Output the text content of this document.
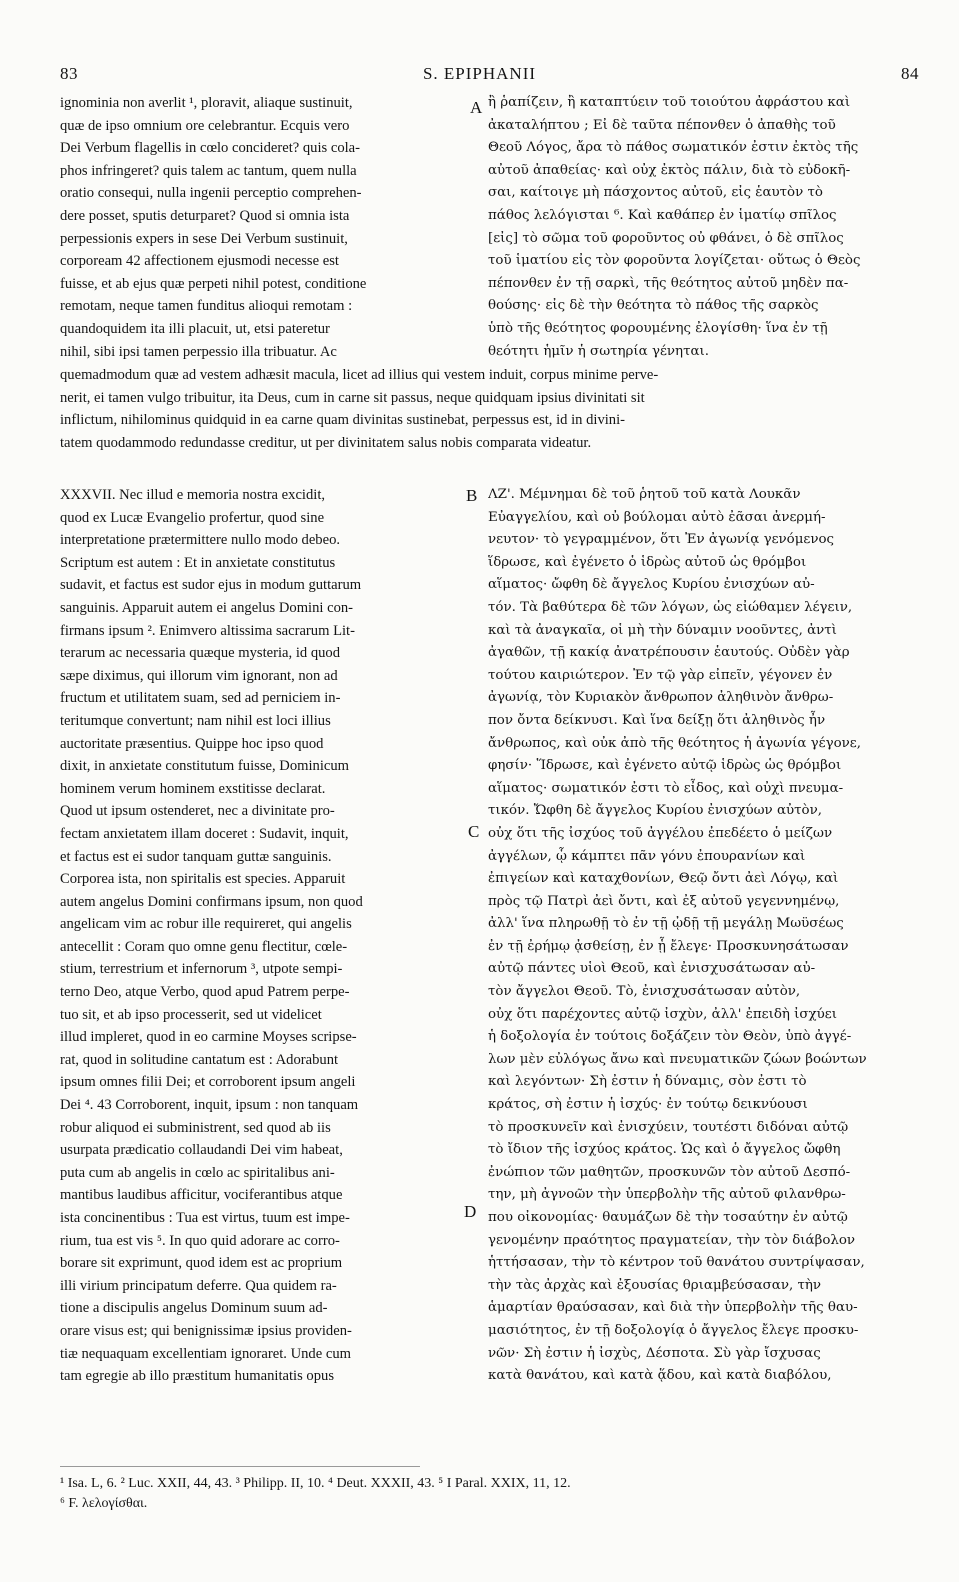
83	S. EPIPHANII	84
A
B
C
D
ignominia non averlit ¹, ploravit, aliaque sustinuit,
quæ de ipso omnium ore celebrantur. Ecquis vero
Dei Verbum flagellis in cœlo concideret? quis cola-
phos infringeret? quis talem ac tantum, quem nulla
oratio consequi, nulla ingenii perceptio comprehen-
dere posset, sputis deturparet? Quod si omnia ista
perpessionis expers in sese Dei Verbum sustinuit,
corpoream 42 affectionem ejusmodi necesse est
fuisse, et ab ejus quæ perpeti nihil potest, conditione
remotam, neque tamen funditus alioqui remotam :
quandoquidem ita illi placuit, ut, etsi pateretur
nihil, sibi ipsi tamen perpessio illa tribuatur. Ac
ἢ ῥαπίζειν, ἢ καταπτύειν τοῦ τοιούτου ἀφράστου καὶ
ἀκαταλήπτου ; Εἰ δὲ ταῦτα πέπονθεν ὁ ἀπαθὴς τοῦ
Θεοῦ Λόγος, ἄρα τὸ πάθος σωματικόν ἐστιν ἐκτὸς τῆς
αὐτοῦ ἀπαθείας· καὶ οὐχ ἐκτὸς πάλιν, διὰ τὸ εὐδοκῆ-
σαι, καίτοιγε μὴ πάσχοντος αὐτοῦ, εἰς ἑαυτὸν τὸ
πάθος λελόγισται ⁶. Καὶ καθάπερ ἐν ἱματίῳ σπῖλος
[εἰς] τὸ σῶμα τοῦ φοροῦντος οὐ φθάνει, ὁ δὲ σπῖλος
τοῦ ἱματίου εἰς τὸν φοροῦντα λογίζεται· οὕτως ὁ Θεὸς
πέπονθεν ἐν τῇ σαρκὶ, τῆς θεότητος αὐτοῦ μηδὲν πα-
θούσης· εἰς δὲ τὴν θεότητα τὸ πάθος τῆς σαρκὸς
ὑπὸ τῆς θεότητος φορουμένης ἐλογίσθη· ἵνα ἐν τῇ
θεότητι ἡμῖν ἡ σωτηρία γένηται.
quemadmodum quæ ad vestem adhæsit macula, licet ad illius qui vestem induit, corpus minime perve-
nerit, ei tamen vulgo tribuitur, ita Deus, cum in carne sit passus, neque quidquam ipsius divinitati sit
inflictum, nihilominus quidquid in ea carne quam divinitas sustinebat, perpessus est, id in divini-
tatem quodammodo redundasse creditur, ut per divinitatem salus nobis comparata videatur.
XXXVII. Nec illud e memoria nostra excidit,
quod ex Lucæ Evangelio profertur, quod sine
interpretatione prætermittere nullo modo debeo.
Scriptum est autem : Et in anxietate constitutus
sudavit, et factus est sudor ejus in modum guttarum
sanguinis. Apparuit autem ei angelus Domini con-
firmans ipsum ². Enimvero altissima sacrarum Lit-
terarum ac necessaria quæque mysteria, id quod
sæpe diximus, qui illorum vim ignorant, non ad
fructum et utilitatem suam, sed ad perniciem in-
teritumque convertunt; nam nihil est loci illius
auctoritate præsentius. Quippe hoc ipso quod
dixit, in anxietate constitutum fuisse, Dominicum
hominem verum hominem exstitisse declarat.
Quod ut ipsum ostenderet, nec a divinitate pro-
fectam anxietatem illam doceret : Sudavit, inquit,
et factus est ei sudor tanquam guttæ sanguinis.
Corporea ista, non spiritalis est species. Apparuit
autem angelus Domini confirmans ipsum, non quod
angelicam vim ac robur ille requireret, qui angelis
antecellit : Coram quo omne genu flectitur, cœle-
stium, terrestrium et infernorum ³, utpote sempi-
terno Deo, atque Verbo, quod apud Patrem perpe-
tuo sit, et ab ipso processerit, sed ut videlicet
illud impleret, quod in eo carmine Moyses scripse-
rat, quod in solitudine cantatum est : Adorabunt
ipsum omnes filii Dei; et corroborent ipsum angeli
Dei ⁴. 43 Corroborent, inquit, ipsum : non tanquam
robur aliquod ei subministrent, sed quod ab iis
usurpata prædicatio collaudandi Dei vim habeat,
puta cum ab angelis in cœlo ac spiritalibus ani-
mantibus laudibus afficitur, vociferantibus atque
ista concinentibus : Tua est virtus, tuum est impe-
rium, tua est vis ⁵. In quo quid adorare ac corro-
borare sit exprimunt, quod idem est ac proprium
illi virium principatum deferre. Qua quidem ra-
tione a discipulis angelus Dominum suum ad-
orare visus est; qui benignissimæ ipsius providen-
tiæ nequaquam excellentiam ignoraret. Unde cum
tam egregie ab illo præstitum humanitatis opus
ΛΖ'. Μέμνημαι δὲ τοῦ ῥητοῦ τοῦ κατὰ Λουκᾶν
Εὐαγγελίου, καὶ οὐ βούλομαι αὐτὸ ἐᾶσαι ἀνερμή-
νευτον· τὸ γεγραμμένον, ὅτι Ἐν ἀγωνίᾳ γενόμενος
ἵδρωσε, καὶ ἐγένετο ὁ ἱδρὼς αὐτοῦ ὡς θρόμβοι
αἵματος· ὤφθη δὲ ἄγγελος Κυρίου ἐνισχύων αὐ-
τόν. Τὰ βαθύτερα δὲ τῶν λόγων, ὡς εἰώθαμεν λέγειν,
καὶ τὰ ἀναγκαῖα, οἱ μὴ τὴν δύναμιν νοοῦντες, ἀντὶ
ἀγαθῶν, τῇ κακίᾳ ἀνατρέπουσιν ἑαυτούς. Οὐδὲν γὰρ
τούτου καιριώτερον. Ἐν τῷ γὰρ εἰπεῖν, γέγονεν ἐν
ἀγωνίᾳ, τὸν Κυριακὸν ἄνθρωπον ἀληθινὸν ἄνθρω-
πον ὄντα δείκνυσι. Καὶ ἵνα δείξῃ ὅτι ἀληθινὸς ἦν
ἄνθρωπος, καὶ οὐκ ἀπὸ τῆς θεότητος ἡ ἀγωνία γέγονε,
φησίν· Ἵδρωσε, καὶ ἐγένετο αὐτῷ ἱδρὼς ὡς θρόμβοι
αἵματος· σωματικόν ἐστι τὸ εἶδος, καὶ οὐχὶ πνευμα-
τικόν. Ὤφθη δὲ ἄγγελος Κυρίου ἐνισχύων αὐτὸν,
οὐχ ὅτι τῆς ἰσχύος τοῦ ἀγγέλου ἐπεδέετο ὁ μείζων
ἀγγέλων, ᾧ κάμπτει πᾶν γόνυ ἐπουρανίων καὶ
ἐπιγείων καὶ καταχθονίων, Θεῷ ὄντι ἀεὶ Λόγῳ, καὶ
πρὸς τῷ Πατρὶ ἀεὶ ὄντι, καὶ ἐξ αὐτοῦ γεγεννημένῳ,
ἀλλ' ἵνα πληρωθῇ τὸ ἐν τῇ ᾠδῇ τῇ μεγάλῃ Μωϋσέως
ἐν τῇ ἐρήμῳ ᾀσθείσῃ, ἐν ᾗ ἔλεγε· Προσκυνησάτωσαν
αὐτῷ πάντες υἱοὶ Θεοῦ, καὶ ἐνισχυσάτωσαν αὐ-
τὸν ἄγγελοι Θεοῦ. Τὸ, ἐνισχυσάτωσαν αὐτὸν,
οὐχ ὅτι παρέχοντες αὐτῷ ἰσχὺν, ἀλλ' ἐπειδὴ ἰσχύει
ἡ δοξολογία ἐν τούτοις δοξάζειν τὸν Θεὸν, ὑπὸ ἀγγέ-
λων μὲν εὐλόγως ἄνω καὶ πνευματικῶν ζώων βοώντων
καὶ λεγόντων· Σὴ ἐστιν ἡ δύναμις, σὸν ἐστι τὸ
κράτος, σὴ ἐστιν ἡ ἰσχύς· ἐν τούτῳ δεικνύουσι
τὸ προσκυνεῖν καὶ ἐνισχύειν, τουτέστι διδόναι αὐτῷ
τὸ ἴδιον τῆς ἰσχύος κράτος. Ὡς καὶ ὁ ἄγγελος ὤφθη
ἐνώπιον τῶν μαθητῶν, προσκυνῶν τὸν αὐτοῦ Δεσπό-
την, μὴ ἀγνοῶν τὴν ὑπερβολὴν τῆς αὐτοῦ φιλανθρω-
που οἰκονομίας· θαυμάζων δὲ τὴν τοσαύτην ἐν αὐτῷ
γενομένην πραότητος πραγματείαν, τὴν τὸν διάβολον
ἡττήσασαν, τὴν τὸ κέντρον τοῦ θανάτου συντρίψασαν,
τὴν τὰς ἀρχὰς καὶ ἐξουσίας θριαμβεύσασαν, τὴν
ἁμαρτίαν θραύσασαν, καὶ διὰ τὴν ὑπερβολὴν τῆς θαυ-
μασιότητος, ἐν τῇ δοξολογίᾳ ὁ ἄγγελος ἔλεγε προσκυ-
νῶν· Σὴ ἐστιν ἡ ἰσχὺς, Δέσποτα. Σὺ γὰρ ἴσχυσας
κατὰ θανάτου, καὶ κατὰ ᾅδου, καὶ κατὰ διαβόλου,
¹ Isa. L, 6. ² Luc. XXII, 44, 43. ³ Philipp. II, 10. ⁴ Deut. XXXII, 43. ⁵ I Paral. XXIX, 11, 12.
⁶ F. λελογίσθαι.
